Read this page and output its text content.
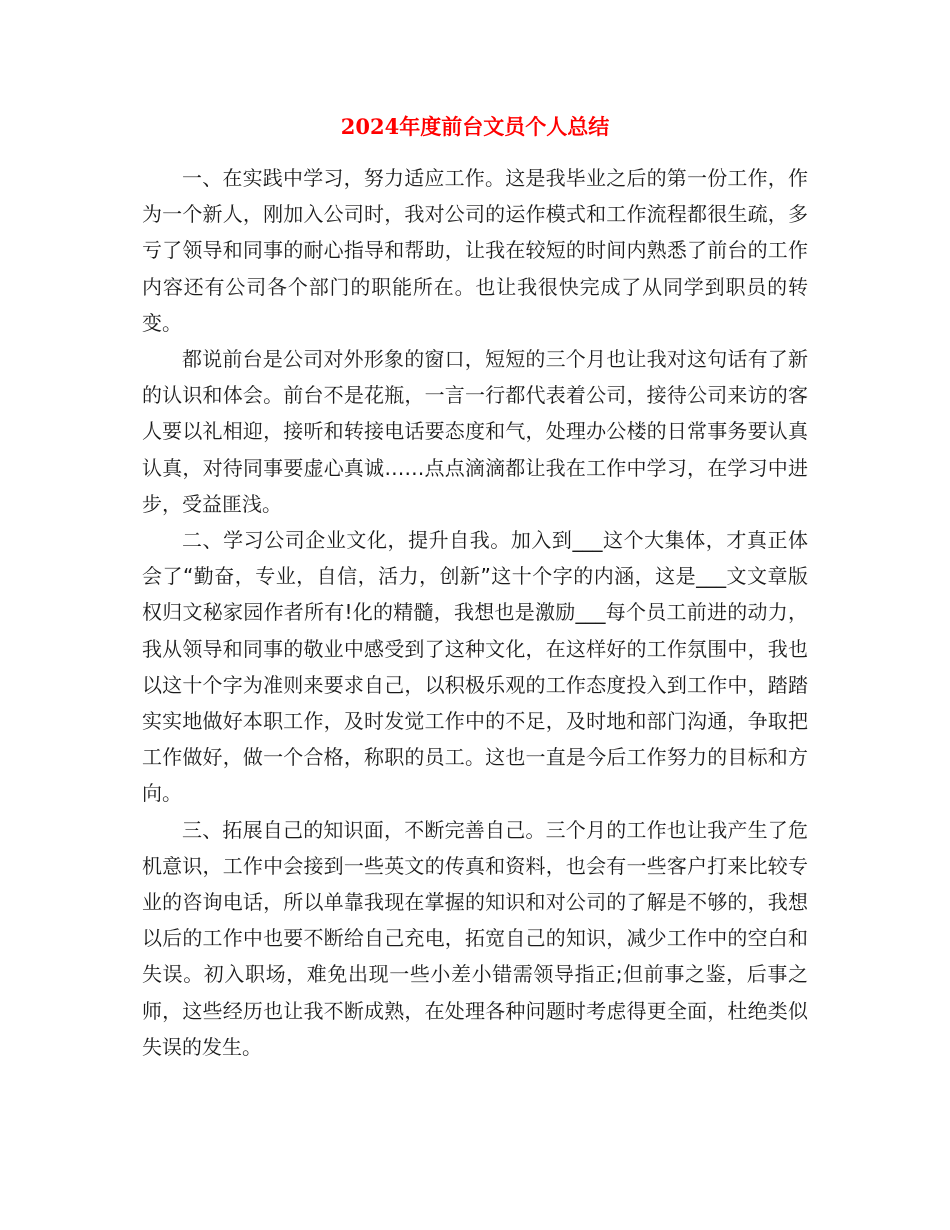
2024年度前台文员个人总结

一、在实践中学习，努力适应工作。这是我毕业之后的第一份工作，作为一个新人，刚加入公司时，我对公司的运作模式和工作流程都很生疏，多亏了领导和同事的耐心指导和帮助，让我在较短的时间内熟悉了前台的工作内容还有公司各个部门的职能所在。也让我很快完成了从同学到职员的转变。

都说前台是公司对外形象的窗口，短短的三个月也让我对这句话有了新的认识和体会。前台不是花瓶，一言一行都代表着公司，接待公司来访的客人要以礼相迎，接听和转接电话要态度和气，处理办公楼的日常事务要认真认真，对待同事要虚心真诚……点点滴滴都让我在工作中学习，在学习中进步，受益匪浅。

二、学习公司企业文化，提升自我。加入到___这个大集体，才真正体会了“勤奋，专业，自信，活力，创新”这十个字的内涵，这是___文文章版权归文秘家园作者所有!化的精髓，我想也是激励___每个员工前进的动力，我从领导和同事的敬业中感受到了这种文化，在这样好的工作氛围中，我也以这十个字为准则来要求自己，以积极乐观的工作态度投入到工作中，踏踏实实地做好本职工作，及时发觉工作中的不足，及时地和部门沟通，争取把工作做好，做一个合格，称职的员工。这也一直是今后工作努力的目标和方向。

三、拓展自己的知识面，不断完善自己。三个月的工作也让我产生了危机意识，工作中会接到一些英文的传真和资料，也会有一些客户打来比较专业的咨询电话，所以单靠我现在掌握的知识和对公司的了解是不够的，我想以后的工作中也要不断给自己充电，拓宽自己的知识，减少工作中的空白和失误。初入职场，难免出现一些小差小错需领导指正;但前事之鉴，后事之师，这些经历也让我不断成熟，在处理各种问题时考虑得更全面，杜绝类似失误的发生。
